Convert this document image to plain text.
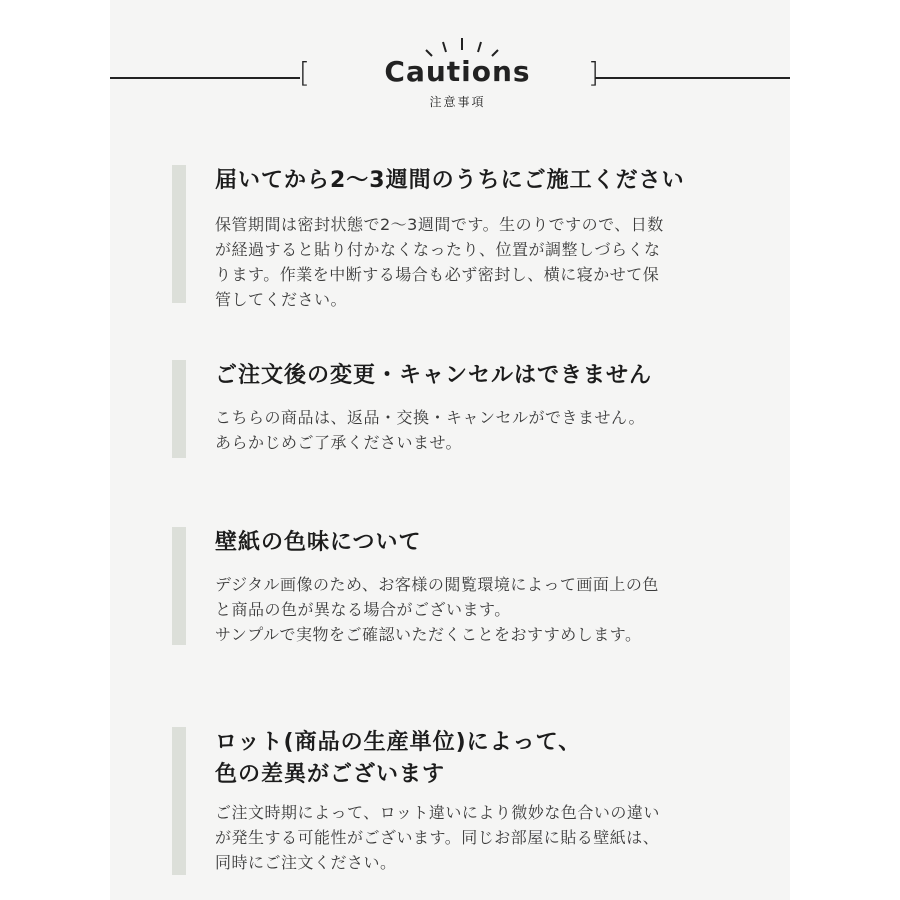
[	]
Cautions
注意事項
届いてから2〜3週間のうちにご施工ください
保管期間は密封状態で2〜3週間です。生のりですので、日数
が経過すると貼り付かなくなったり、位置が調整しづらくな
ります。作業を中断する場合も必ず密封し、横に寝かせて保
管してください。
ご注文後の変更・キャンセルはできません
こちらの商品は、返品・交換・キャンセルができません。
あらかじめご了承くださいませ。
壁紙の色味について
デジタル画像のため、お客様の閲覧環境によって画面上の色
と商品の色が異なる場合がございます。
サンプルで実物をご確認いただくことをおすすめします。
ロット(商品の生産単位)によって、
色の差異がございます
ご注文時期によって、ロット違いにより微妙な色合いの違い
が発生する可能性がございます。同じお部屋に貼る壁紙は、
同時にご注文ください。
